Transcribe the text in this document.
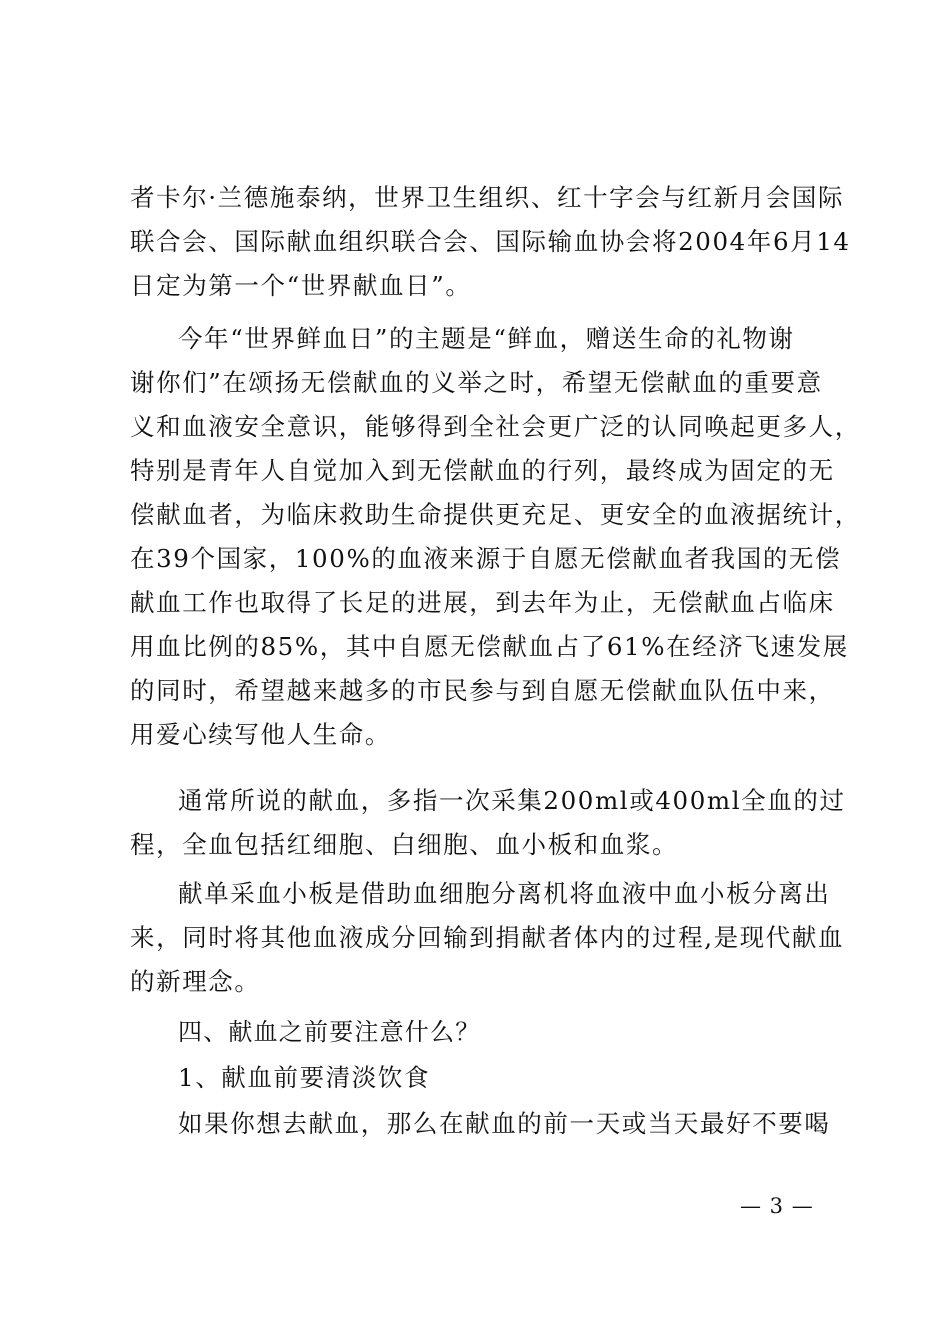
者卡尔·兰德施泰纳，世界卫生组织、红十字会与红新月会国际
联合会、国际献血组织联合会、国际输血协会将2004年6月14
日定为第一个“世界献血日”。
今年“世界鲜血日”的主题是“鲜血，赠送生命的礼物谢
谢你们”在颂扬无偿献血的义举之时，希望无偿献血的重要意
义和血液安全意识，能够得到全社会更广泛的认同唤起更多人，
特别是青年人自觉加入到无偿献血的行列，最终成为固定的无
偿献血者，为临床救助生命提供更充足、更安全的血液据统计，
在39个国家，100%的血液来源于自愿无偿献血者我国的无偿
献血工作也取得了长足的进展，到去年为止，无偿献血占临床
用血比例的85%，其中自愿无偿献血占了61%在经济飞速发展
的同时，希望越来越多的市民参与到自愿无偿献血队伍中来，
用爱心续写他人生命。
通常所说的献血，多指一次采集200ml或400ml全血的过
程，全血包括红细胞、白细胞、血小板和血浆。
献单采血小板是借助血细胞分离机将血液中血小板分离出
来，同时将其他血液成分回输到捐献者体内的过程,是现代献血
的新理念。
四、献血之前要注意什么？
1、献血前要清淡饮食
如果你想去献血，那么在献血的前一天或当天最好不要喝
— 3 —
